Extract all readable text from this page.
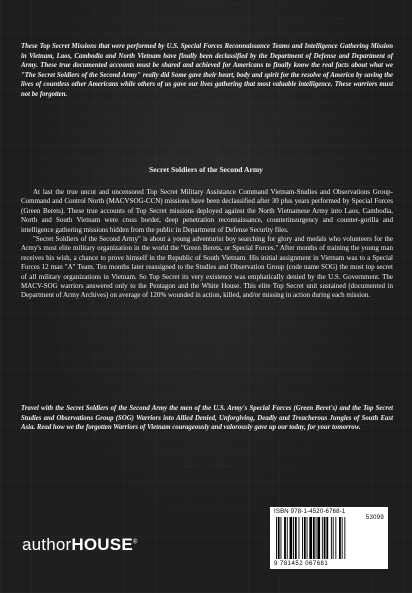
These Top Secret Missions that were performed by U.S. Special Forces Reconnaissance Teams and Intelligence Gathering Mission in Vietnam, Laos, Cambodia and North Vietnam have finally been declassified by the Department of Defense and Department of Army. These true documented accounts must be shared and achieved for Americans to finally know the real facts about what we "The Secret Soldiers of the Second Army" really did Some gave their heart, body and spirit for the resolve of America by saving the lives of countless other Americans while others of us gave our lives gathering that most valuable intelligence. These warriors must not be forgotten.
Secret Soldiers of the Second Army

At last the true uncut and uncensored Top Secret Military Assistance Command Vietnam-Studies and Observations Group-Command and Control North (MACVSOG-CCN) missions have been declassified after 30 plus years performed by Special Forces (Green Berets). These true accounts of Top Secret missions deployed against the North Vietnamese Army into Laos, Cambodia, North and South Vietnam were cross border, deep penetration reconnaissance, counterinsurgency and counter-gorilla and intelligence gathering missions hidden from the public in Department of Defense Security files.

"Secret Soldiers of the Second Army" is about a young adventurist boy searching for glory and medals who volunteers for the Army's most elite military organization in the world the "Green Berets, or Special Forces." After months of training the young man receives his wish, a chance to prove himself in the Republic of South Vietnam. His initial assignment in Vietnam was to a Special Forces 12 man "A" Team. Ten months later reassigned to the Studies and Observation Group (code name SOG) the most top secret of all military organizations in Vietnam. So Top Secret its very existence was emphatically denied by the U.S. Government. The MACV-SOG warriors answered only to the Pentagon and the White House. This elite Top Secret unit sustained (documented in Department of Army Archives) on average of 120% wounded in action, killed, and/or missing in action during each mission.

Travel with the Secret Soldiers of the Second Army the men of the U.S. Army's Special Forces (Green Beret's) and the Top Secret Studies and Observations Group (SOG) Warriors into Allied Denied, Unforgiving, Deadly and Treacherous Jungles of South East Asia. Read how we the forgotten Warriors of Vietnam courageously and valorously gave up our today, for your tomorrow.
authorHOUSE®
ISBN 978-1-4520-6768-1
53099
9 781452 067681
